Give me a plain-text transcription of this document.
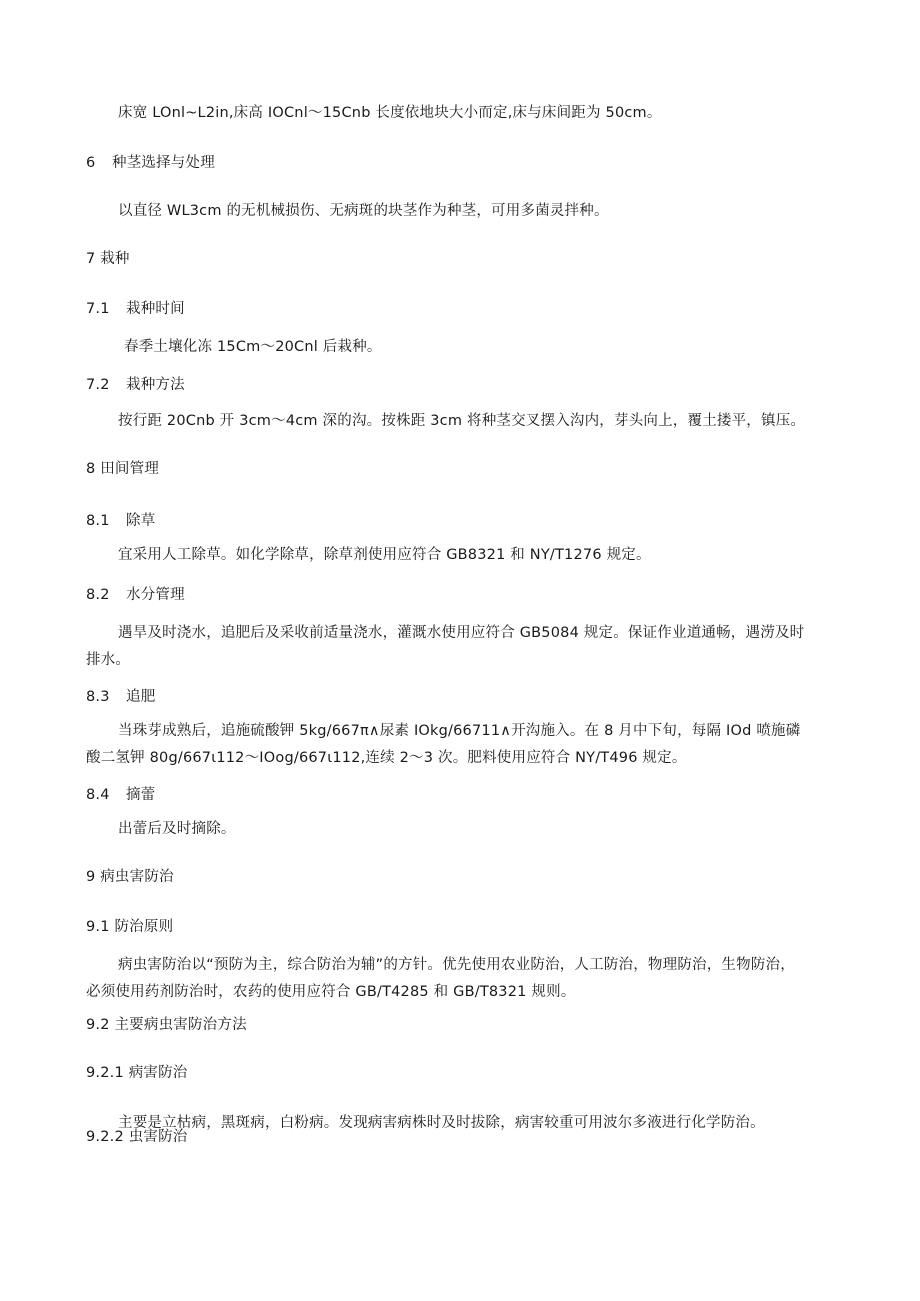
床宽 LOnl~L2in,床高 IOCnl～15Cnb 长度依地块大小而定,床与床间距为 50cm。
6 种茎选择与处理
以直径 WL3cm 的无机械损伤、无病斑的块茎作为种茎，可用多菌灵拌种。
7 栽种
7.1 栽种时间
春季土壤化冻 15Cm～20Cnl 后栽种。
7.2 栽种方法
按行距 20Cnb 开 3cm～4cm 深的沟。按株距 3cm 将种茎交叉摆入沟内，芽头向上，覆土搂平，镇压。
8 田间管理
8.1 除草
宜采用人工除草。如化学除草，除草剂使用应符合 GB8321 和 NY/T1276 规定。
8.2 水分管理
遇旱及时浇水，追肥后及采收前适量浇水，灌溉水使用应符合 GB5084 规定。保证作业道通畅，遇涝及时排水。
8.3 追肥
当珠芽成熟后，追施硫酸钾 5kg∕667π∧尿素 IOkg∕66711∧开沟施入。在 8 月中下旬，每隔 IOd 喷施磷酸二氢钾 80g∕667ι112～IOog∕667ι112,连续 2～3 次。肥料使用应符合 NY/T496 规定。
8.4 摘蕾
出蕾后及时摘除。
9 病虫害防治
9.1 防治原则
病虫害防治以“预防为主，综合防治为辅”的方针。优先使用农业防治，人工防治，物理防治，生物防治，必须使用药剂防治时，农药的使用应符合 GB/T4285 和 GB/T8321 规则。
9.2 主要病虫害防治方法
9.2.1 病害防治
主要是立枯病，黑斑病，白粉病。发现病害病株时及时拔除，病害较重可用波尔多液进行化学防治。
9.2.2 虫害防治
